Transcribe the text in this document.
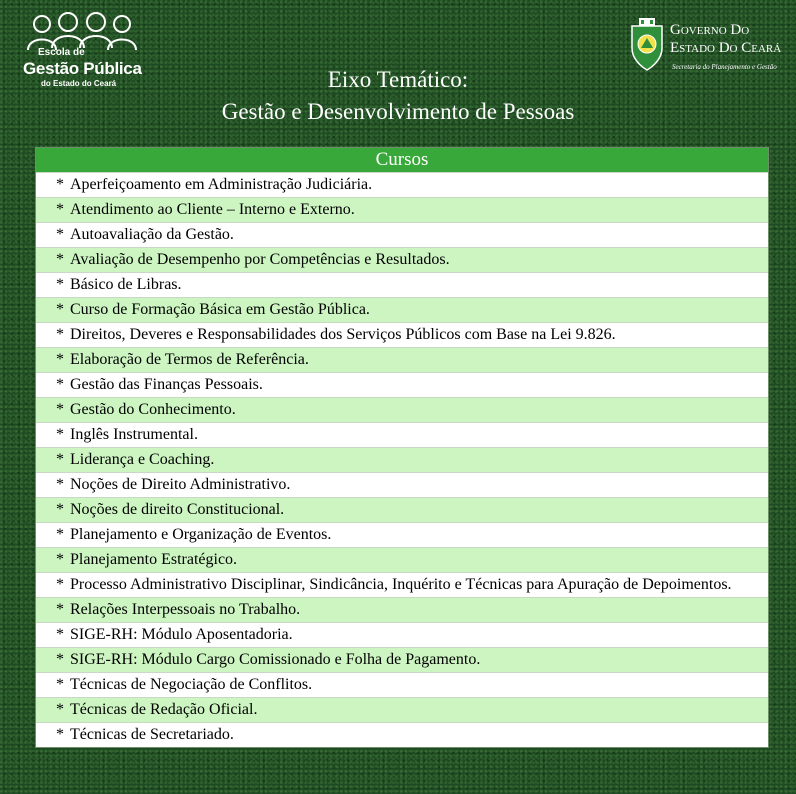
Escola de
Gestão Pública
do Estado do Ceará
Governo Do
Estado Do Ceará
Secretaria do Planejamento e Gestão
Eixo Temático:
Gestão e Desenvolvimento de Pessoas
Cursos
* Aperfeiçoamento em Administração Judiciária.
* Atendimento ao Cliente – Interno e Externo.
* Autoavaliação da Gestão.
* Avaliação de Desempenho por Competências e Resultados.
* Básico de Libras.
* Curso de Formação Básica em Gestão Pública.
* Direitos, Deveres e Responsabilidades dos Serviços Públicos com Base na Lei 9.826.
* Elaboração de Termos de Referência.
* Gestão das Finanças Pessoais.
* Gestão do Conhecimento.
* Inglês Instrumental.
* Liderança e Coaching.
* Noções de Direito Administrativo.
* Noções de direito Constitucional.
* Planejamento e Organização de Eventos.
* Planejamento Estratégico.
* Processo Administrativo Disciplinar, Sindicância, Inquérito e Técnicas para Apuração de Depoimentos.
* Relações Interpessoais no Trabalho.
* SIGE-RH: Módulo Aposentadoria.
* SIGE-RH: Módulo Cargo Comissionado e Folha de Pagamento.
* Técnicas de Negociação de Conflitos.
* Técnicas de Redação Oficial.
* Técnicas de Secretariado.
